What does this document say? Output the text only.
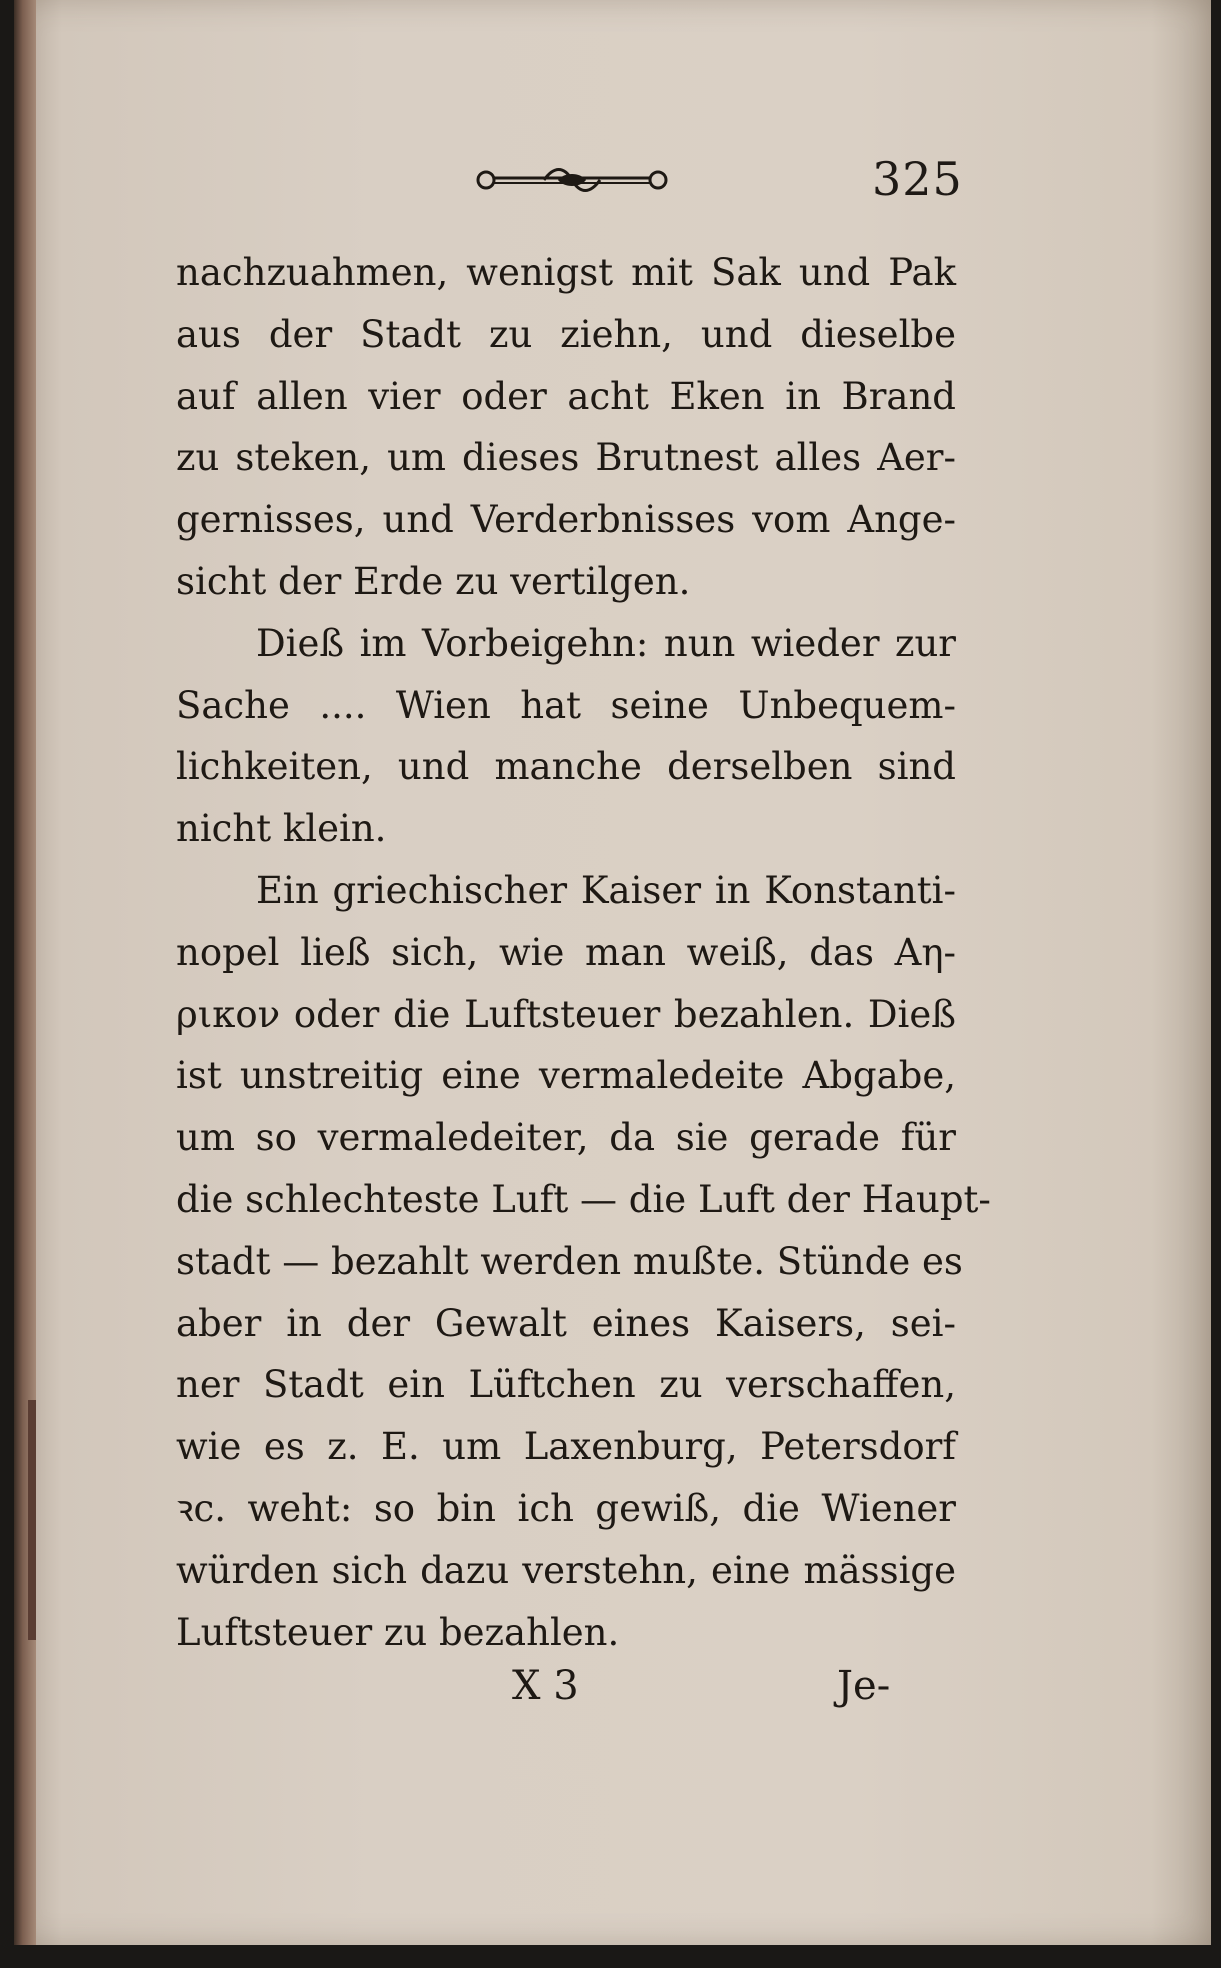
325
nachzuahmen, wenigst mit Sak und Pak
aus der Stadt zu ziehn, und dieselbe
auf allen vier oder acht Eken in Brand
zu steken, um dieses Brutnest alles Aer-
gernisses, und Verderbnisses vom Ange-
sicht der Erde zu vertilgen.
Dieß im Vorbeigehn: nun wieder zur
Sache .... Wien hat seine Unbequem-
lichkeiten, und manche derselben sind
nicht klein.
Ein griechischer Kaiser in Konstanti-
nopel ließ sich, wie man weiß, das Aη-
ρικον oder die Luftsteuer bezahlen. Dieß
ist unstreitig eine vermaledeite Abgabe,
um so vermaledeiter, da sie gerade für
die schlechteste Luft — die Luft der Haupt-
stadt — bezahlt werden mußte. Stünde es
aber in der Gewalt eines Kaisers, sei-
ner Stadt ein Lüftchen zu verschaffen,
wie es z. E. um Laxenburg, Petersdorf
ꝛc. weht: so bin ich gewiß, die Wiener
würden sich dazu verstehn, eine mässige
Luftsteuer zu bezahlen.
X 3	Je-
